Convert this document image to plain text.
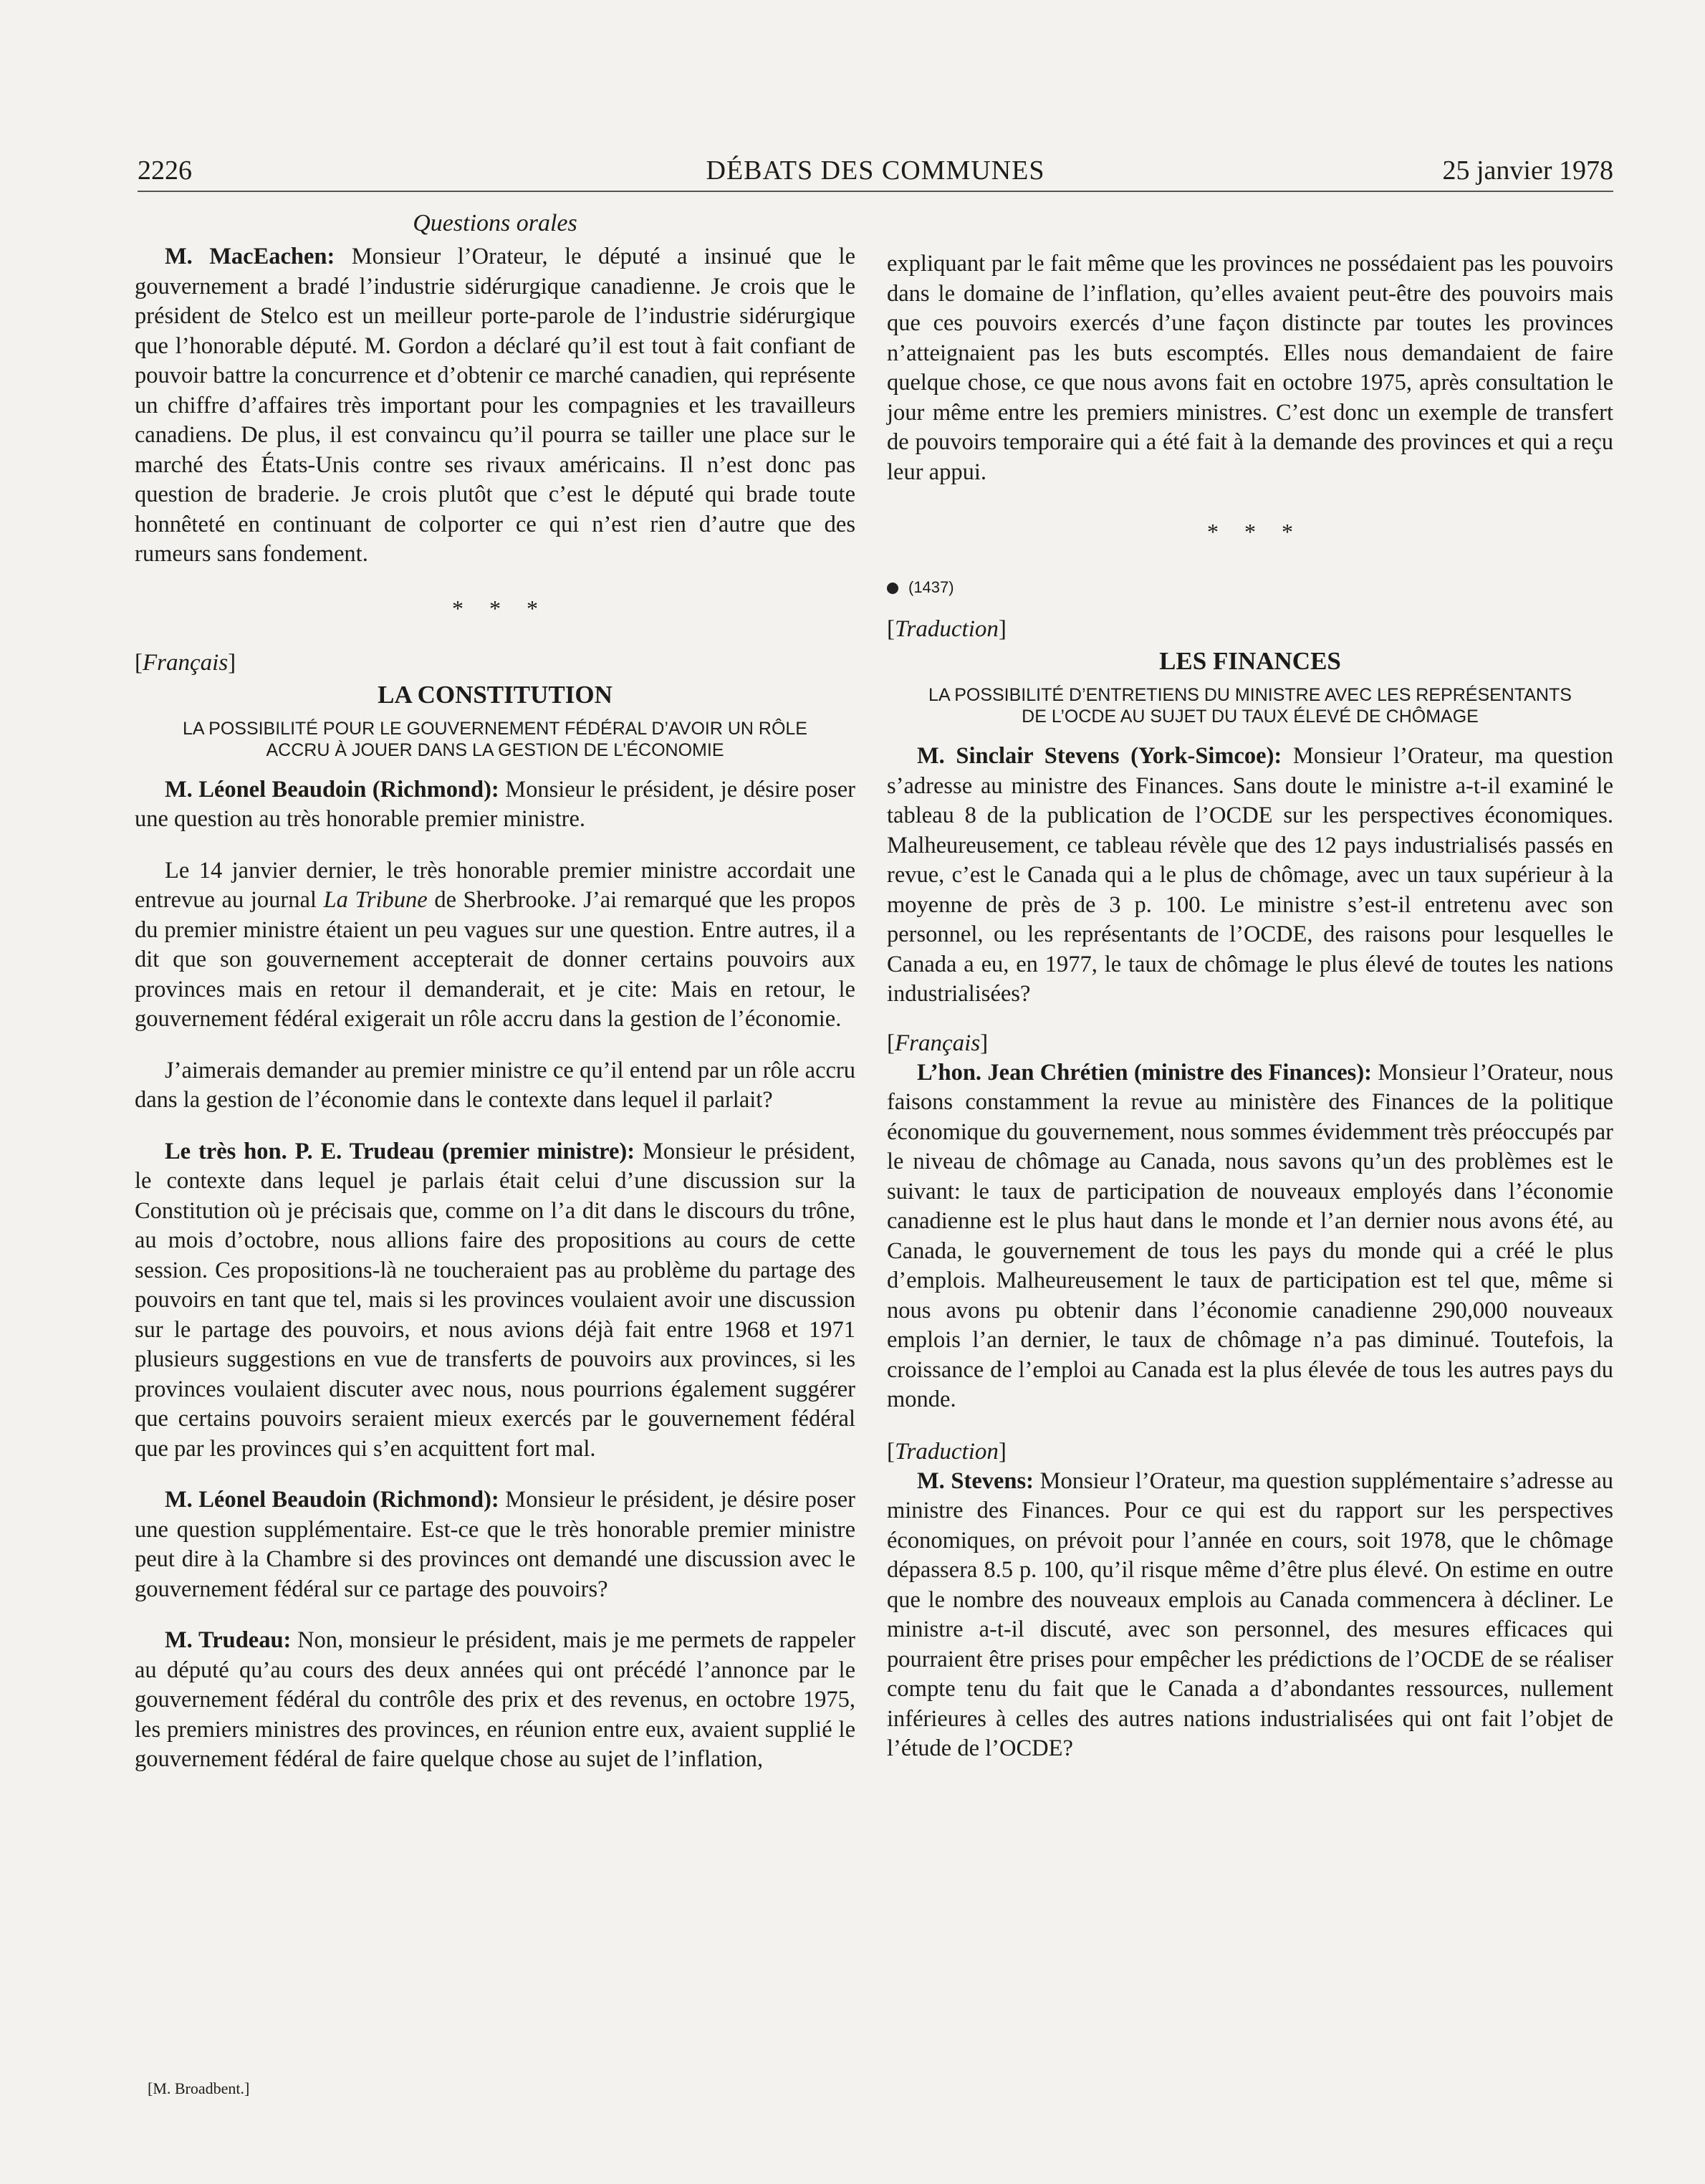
2226	DÉBATS DES COMMUNES	25 janvier 1978
Questions orales

M. MacEachen: Monsieur l’Orateur, le député a insinué que le gouvernement a bradé l’industrie sidérurgique canadienne. Je crois que le président de Stelco est un meilleur porte-parole de l’industrie sidérurgique que l’honorable député. M. Gordon a déclaré qu’il est tout à fait confiant de pouvoir battre la concurrence et d’obtenir ce marché canadien, qui représente un chiffre d’affaires très important pour les compagnies et les travailleurs canadiens. De plus, il est convaincu qu’il pourra se tailler une place sur le marché des États-Unis contre ses rivaux américains. Il n’est donc pas question de braderie. Je crois plutôt que c’est le député qui brade toute honnêteté en continuant de colporter ce qui n’est rien d’autre que des rumeurs sans fondement.

* * *
[Français]
LA CONSTITUTION
LA POSSIBILITÉ POUR LE GOUVERNEMENT FÉDÉRAL D’AVOIR UN RÔLE ACCRU À JOUER DANS LA GESTION DE L’ÉCONOMIE

M. Léonel Beaudoin (Richmond): Monsieur le président, je désire poser une question au très honorable premier ministre.

Le 14 janvier dernier, le très honorable premier ministre accordait une entrevue au journal La Tribune de Sherbrooke. J’ai remarqué que les propos du premier ministre étaient un peu vagues sur une question. Entre autres, il a dit que son gouvernement accepterait de donner certains pouvoirs aux provinces mais en retour il demanderait, et je cite: Mais en retour, le gouvernement fédéral exigerait un rôle accru dans la gestion de l’économie.

J’aimerais demander au premier ministre ce qu’il entend par un rôle accru dans la gestion de l’économie dans le contexte dans lequel il parlait?

Le très hon. P. E. Trudeau (premier ministre): Monsieur le président, le contexte dans lequel je parlais était celui d’une discussion sur la Constitution où je précisais que, comme on l’a dit dans le discours du trône, au mois d’octobre, nous allions faire des propositions au cours de cette session. Ces propositions-là ne toucheraient pas au problème du partage des pouvoirs en tant que tel, mais si les provinces voulaient avoir une discussion sur le partage des pouvoirs, et nous avions déjà fait entre 1968 et 1971 plusieurs suggestions en vue de transferts de pouvoirs aux provinces, si les provinces voulaient discuter avec nous, nous pourrions également suggérer que certains pouvoirs seraient mieux exercés par le gouvernement fédéral que par les provinces qui s’en acquittent fort mal.

M. Léonel Beaudoin (Richmond): Monsieur le président, je désire poser une question supplémentaire. Est-ce que le très honorable premier ministre peut dire à la Chambre si des provinces ont demandé une discussion avec le gouvernement fédéral sur ce partage des pouvoirs?

M. Trudeau: Non, monsieur le président, mais je me permets de rappeler au député qu’au cours des deux années qui ont précédé l’annonce par le gouvernement fédéral du contrôle des prix et des revenus, en octobre 1975, les premiers ministres des provinces, en réunion entre eux, avaient supplié le gouvernement fédéral de faire quelque chose au sujet de l’inflation,

[M. Broadbent.]

expliquant par le fait même que les provinces ne possédaient pas les pouvoirs dans le domaine de l’inflation, qu’elles avaient peut-être des pouvoirs mais que ces pouvoirs exercés d’une façon distincte par toutes les provinces n’atteignaient pas les buts escomptés. Elles nous demandaient de faire quelque chose, ce que nous avons fait en octobre 1975, après consultation le jour même entre les premiers ministres. C’est donc un exemple de transfert de pouvoirs temporaire qui a été fait à la demande des provinces et qui a reçu leur appui.

* * *
(1437)
[Traduction]
LES FINANCES
LA POSSIBILITÉ D’ENTRETIENS DU MINISTRE AVEC LES REPRÉSENTANTS DE L’OCDE AU SUJET DU TAUX ÉLEVÉ DE CHÔMAGE

M. Sinclair Stevens (York-Simcoe): Monsieur l’Orateur, ma question s’adresse au ministre des Finances. Sans doute le ministre a-t-il examiné le tableau 8 de la publication de l’OCDE sur les perspectives économiques. Malheureusement, ce tableau révèle que des 12 pays industrialisés passés en revue, c’est le Canada qui a le plus de chômage, avec un taux supérieur à la moyenne de près de 3 p. 100. Le ministre s’est-il entretenu avec son personnel, ou les représentants de l’OCDE, des raisons pour lesquelles le Canada a eu, en 1977, le taux de chômage le plus élevé de toutes les nations industrialisées?

[Français]

L’hon. Jean Chrétien (ministre des Finances): Monsieur l’Orateur, nous faisons constamment la revue au ministère des Finances de la politique économique du gouvernement, nous sommes évidemment très préoccupés par le niveau de chômage au Canada, nous savons qu’un des problèmes est le suivant: le taux de participation de nouveaux employés dans l’économie canadienne est le plus haut dans le monde et l’an dernier nous avons été, au Canada, le gouvernement de tous les pays du monde qui a créé le plus d’emplois. Malheureusement le taux de participation est tel que, même si nous avons pu obtenir dans l’économie canadienne 290,000 nouveaux emplois l’an dernier, le taux de chômage n’a pas diminué. Toutefois, la croissance de l’emploi au Canada est la plus élevée de tous les autres pays du monde.

[Traduction]

M. Stevens: Monsieur l’Orateur, ma question supplémentaire s’adresse au ministre des Finances. Pour ce qui est du rapport sur les perspectives économiques, on prévoit pour l’année en cours, soit 1978, que le chômage dépassera 8.5 p. 100, qu’il risque même d’être plus élevé. On estime en outre que le nombre des nouveaux emplois au Canada commencera à décliner. Le ministre a-t-il discuté, avec son personnel, des mesures efficaces qui pourraient être prises pour empêcher les prédictions de l’OCDE de se réaliser compte tenu du fait que le Canada a d’abondantes ressources, nullement inférieures à celles des autres nations industrialisées qui ont fait l’objet de l’étude de l’OCDE?
